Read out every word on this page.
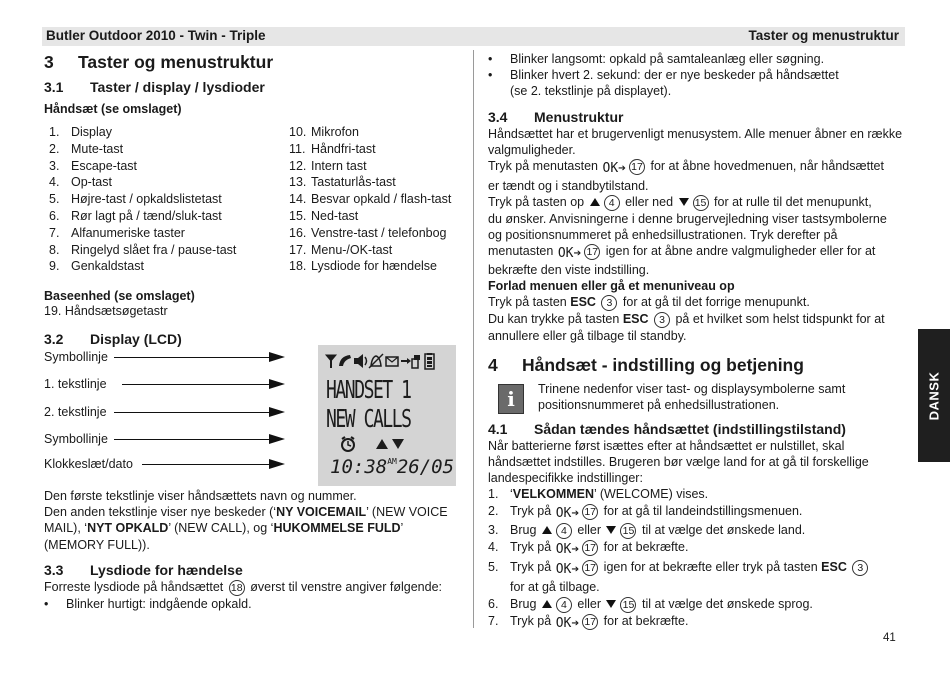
Butler Outdoor 2010 - Twin - Triple	Taster og menustruktur
3 Taster og menustruktur
3.1 Taster / display / lysdioder
Håndsæt (se omslaget)
1. Display
2. Mute-tast
3. Escape-tast
4. Op-tast
5. Højre-tast / opkaldslistetast
6. Rør lagt på / tænd/sluk-tast
7. Alfanumeriske taster
8. Ringelyd slået fra / pause-tast
9. Genkaldstast
10. Mikrofon
11. Håndfri-tast
12. Intern tast
13. Tastaturlås-tast
14. Besvar opkald / flash-tast
15. Ned-tast
16. Venstre-tast / telefonbog
17. Menu-/OK-tast
18. Lysdiode for hændelse
Baseenhed (se omslaget)
19. Håndsætsøgetastr
3.2 Display (LCD)
Symbollinje
1. tekstlinje
2. tekstlinje
Symbollinje
Klokkeslæt/dato
HANDSET 1
NEW CALLS
$10:38^{AM}26/05$
Den første tekstlinje viser håndsættets navn og nummer.
Den anden tekstlinje viser nye beskeder (‘NY VOICEMAIL’ (NEW VOICE
MAIL), ‘NYT OPKALD’ (NEW CALL), og ‘HUKOMMELSE FULD’
(MEMORY FULL)).
3.3 Lysdiode for hændelse
Forreste lysdiode på håndsættet 18 øverst til venstre angiver følgende:
• Blinker hurtigt: indgående opkald.
• Blinker langsomt: opkald på samtaleanlæg eller søgning.
• Blinker hvert 2. sekund: der er nye beskeder på håndsættet
(se 2. tekstlinje på displayet).
3.4 Menustruktur
Håndsættet har et brugervenligt menusystem. Alle menuer åbner en række
valgmuligheder.
Tryk på menutasten OK ➔ 17 for at åbne hovedmenuen, når håndsættet
er tændt og i standbytilstand.
Tryk på tasten op 4 eller ned 15 for at rulle til det menupunkt,
du ønsker. Anvisningerne i denne brugervejledning viser tastsymbolerne
og positionsnummeret på enhedsillustrationen. Tryk derefter på
menutasten OK ➔ 17 igen for at åbne andre valgmuligheder eller for at
bekræfte den viste indstilling.
Forlad menuen eller gå et menuniveau op
Tryk på tasten ESC 3 for at gå til det forrige menupunkt.
Du kan trykke på tasten ESC 3 på et hvilket som helst tidspunkt for at
annullere eller gå tilbage til standby.
4 Håndsæt - indstilling og betjening
i	Trinene nedenfor viser tast- og displaysymbolerne samt
positionsnummeret på enhedsillustrationen.
4.1 Sådan tændes håndsættet (indstillingstilstand)
Når batterierne først isættes efter at håndsættet er nulstillet, skal
håndsættet indstilles. Brugeren bør vælge land for at gå til forskellige
landespecifikke indstillinger:
1. ‘VELKOMMEN’ (WELCOME) vises.
2. Tryk på OK ➔ 17 for at gå til landeindstillingsmenuen.
3. Brug 4 eller 15 til at vælge det ønskede land.
4. Tryk på OK ➔ 17 for at bekræfte.
5. Tryk på OK ➔ 17 igen for at bekræfte eller tryk på tasten ESC 3
for at gå tilbage.
6. Brug 4 eller 15 til at vælge det ønskede sprog.
7. Tryk på OK ➔ 17 for at bekræfte.
DANSK
41
